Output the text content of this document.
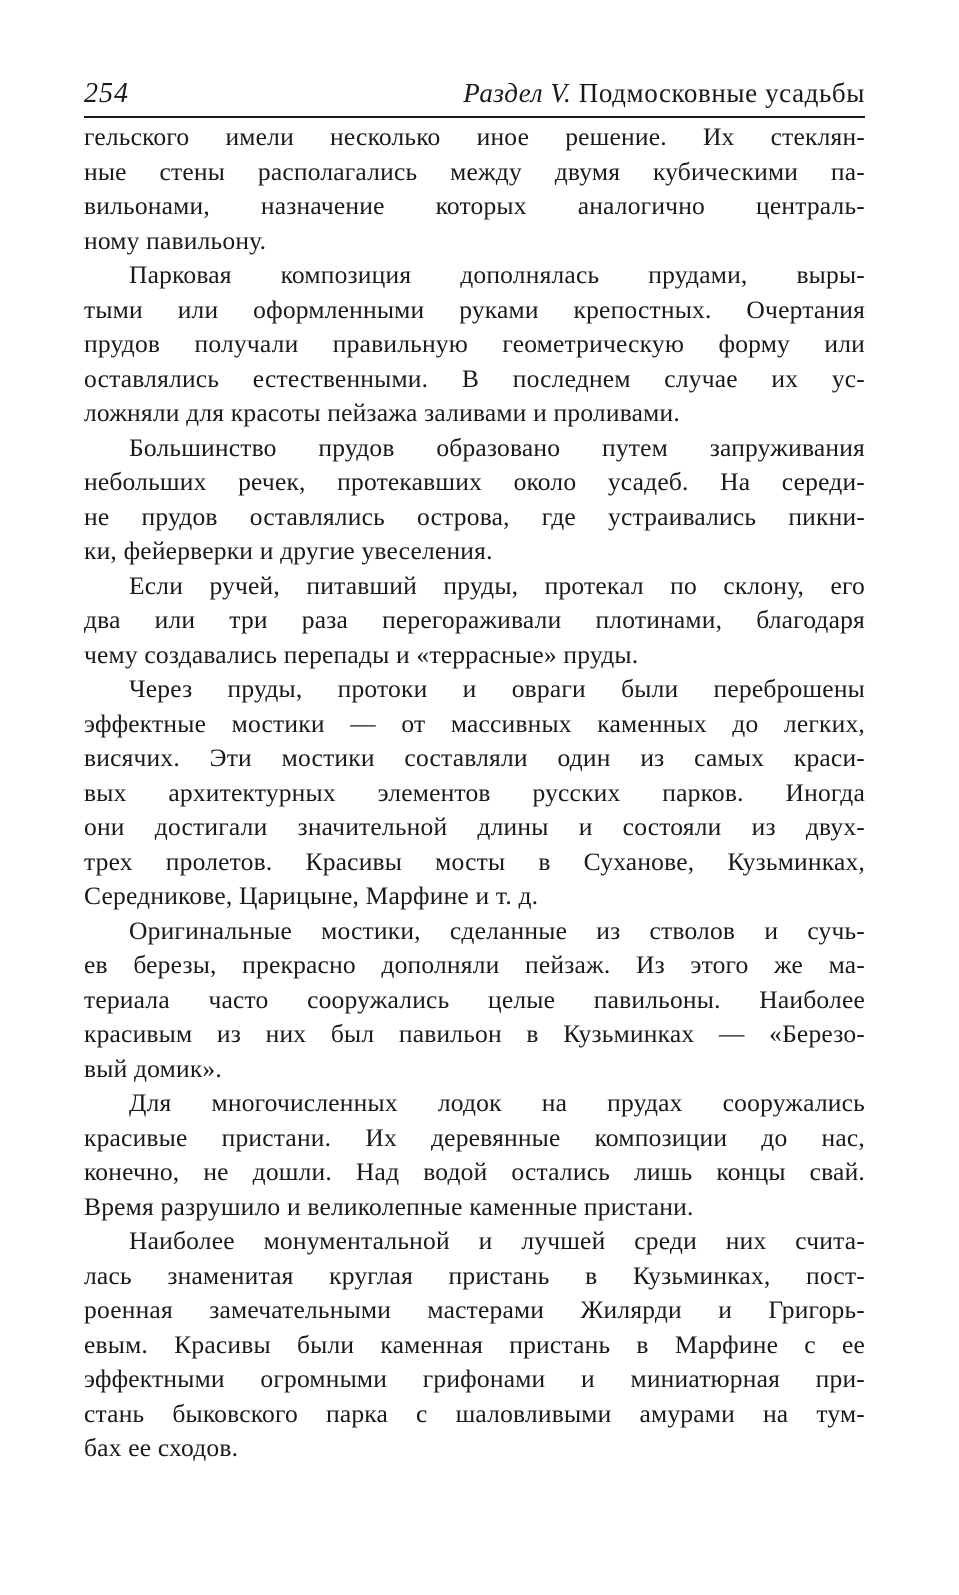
254	Раздел V. Подмосковные усадьбы
гельского имели несколько иное решение. Их стеклян-
ные стены располагались между двумя кубическими па-
вильонами, назначение которых аналогично централь-
ному павильону.
Парковая композиция дополнялась прудами, выры-
тыми или оформленными руками крепостных. Очертания
прудов получали правильную геометрическую форму или
оставлялись естественными. В последнем случае их ус-
ложняли для красоты пейзажа заливами и проливами.
Большинство прудов образовано путем запруживания
небольших речек, протекавших около усадеб. На середи-
не прудов оставлялись острова, где устраивались пикни-
ки, фейерверки и другие увеселения.
Если ручей, питавший пруды, протекал по склону, его
два или три раза перегораживали плотинами, благодаря
чему создавались перепады и «террасные» пруды.
Через пруды, протоки и овраги были переброшены
эффектные мостики — от массивных каменных до легких,
висячих. Эти мостики составляли один из самых краси-
вых архитектурных элементов русских парков. Иногда
они достигали значительной длины и состояли из двух-
трех пролетов. Красивы мосты в Суханове, Кузьминках,
Середникове, Царицыне, Марфине и т. д.
Оригинальные мостики, сделанные из стволов и сучь-
ев березы, прекрасно дополняли пейзаж. Из этого же ма-
териала часто сооружались целые павильоны. Наиболее
красивым из них был павильон в Кузьминках — «Березо-
вый домик».
Для многочисленных лодок на прудах сооружались
красивые пристани. Их деревянные композиции до нас,
конечно, не дошли. Над водой остались лишь концы свай.
Время разрушило и великолепные каменные пристани.
Наиболее монументальной и лучшей среди них счита-
лась знаменитая круглая пристань в Кузьминках, пост-
роенная замечательными мастерами Жилярди и Григорь-
евым. Красивы были каменная пристань в Марфине с ее
эффектными огромными грифонами и миниатюрная при-
стань быковского парка с шаловливыми амурами на тум-
бах ее сходов.
